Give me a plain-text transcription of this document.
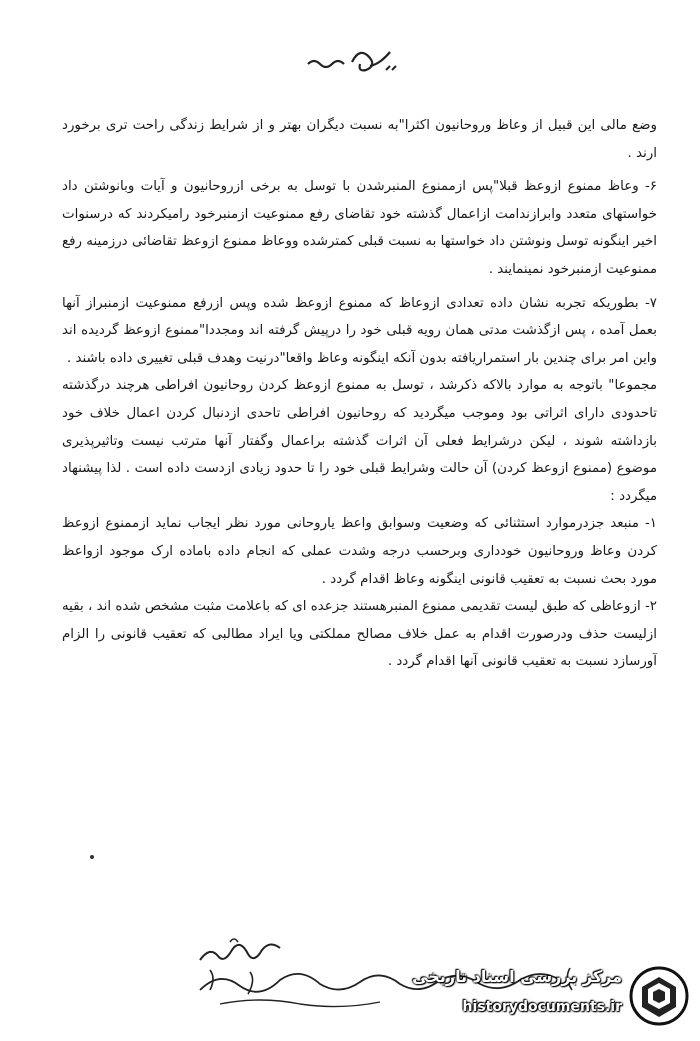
وضع مالی این قبیل از وعاظ وروحانیون اکثرا"به نسبت دیگران بهتر و از شرایط زندگی راحت تری برخورد ارند .

۶- وعاظ ممنوع ازوعظ قبلا"پس ازممنوع المنبرشدن با توسل به برخی ازروحانیون و آیات وبانوشتن داد خواستهای متعدد وابرازندامت ازاعمال گذشته خود تقاضای رفع ممنوعیت ازمنبرخود رامیکردند که درسنوات اخیر اینگونه توسل ونوشتن داد خواستها به نسبت قبلی کمترشده ووعاظ ممنوع ازوعظ تقاضائی درزمینه رفع ممنوعیت ازمنبرخود نمینمایند .

۷- بطوریکه تجربه نشان داده تعدادی ازوعاظ که ممنوع ازوعظ شده وپس ازرفع ممنوعیت ازمنبراز آنها بعمل آمده ، پس ازگذشت مدتی همان رویه قبلی خود را درپیش گرفته اند ومجددا"ممنوع ازوعظ گردیده اند واین امر برای چندین بار استمراریافته بدون آنکه اینگونه وعاظ واقعا"درنیت وهدف قبلی تغییری داده باشند .

مجموعا" باتوجه به موارد بالاکه ذکرشد ، توسل به ممنوع ازوعظ کردن روحانیون افراطی هرچند درگذشته تاحدودی دارای اثراتی بود وموجب میگردید که روحانیون افراطی تاحدی ازدنبال کردن اعمال خلاف خود بازداشته شوند ، لیکن درشرایط فعلی آن اثرات گذشته براعمال وگفتار آنها مترتب نیست وتاثیرپذیری موضوع (ممنوع ازوعظ کردن) آن حالت وشرایط قبلی خود را تا حدود زیادی ازدست داده است . لذا پیشنهاد میگردد :

۱- منبعد جزدرموارد استثنائی که وضعیت وسوابق واعظ یاروحانی مورد نظر ایجاب نماید ازممنوع ازوعظ کردن وعاظ وروحانیون خودداری وبرحسب درجه وشدت عملی که انجام داده باماده ارک موجود ازواعظ مورد بحث نسبت به تعقیب قانونی اینگونه وعاظ اقدام گردد .

۲- ازوعاظی که طبق لیست تقدیمی ممنوع المنبرهستند جزعده ای که باعلامت مثبت مشخص شده اند ، بقیه ازلیست حذف ودرصورت اقدام به عمل خلاف مصالح مملکتی ویا ایراد مطالبی که تعقیب قانونی را الزام آورسازد نسبت به تعقیب قانونی آنها اقدام گردد .

مرکز بررسی اسناد تاریخی
historydocuments.ir
